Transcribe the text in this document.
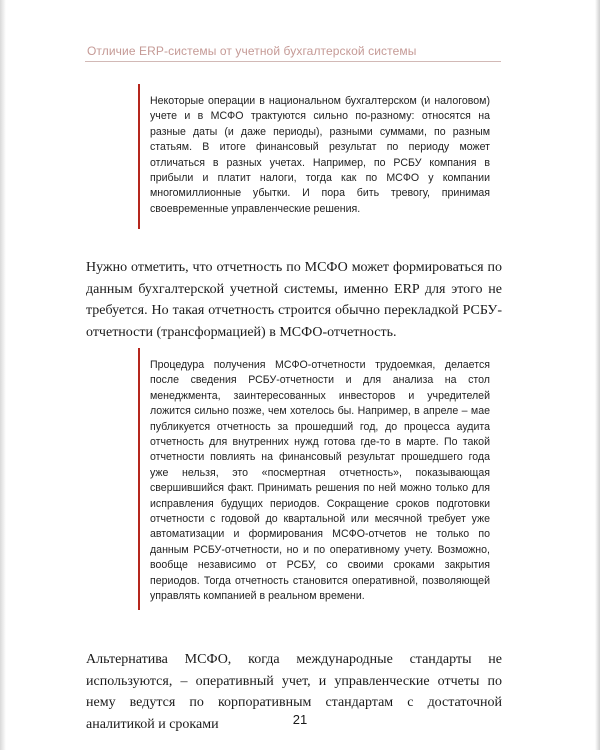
Отличие ERP-системы от учетной бухгалтерской системы

Некоторые операции в национальном бухгалтерском (и налоговом) учете и в МСФО трактуются сильно по-разному: относятся на разные даты (и даже периоды), разными суммами, по разным статьям. В итоге финансовый результат по периоду может отличаться в разных учетах. Например, по РСБУ компания в прибыли и платит налоги, тогда как по МСФО у компании многомиллионные убытки. И пора бить тревогу, принимая своевременные управленческие решения.

Нужно отметить, что отчетность по МСФО может формироваться по данным бухгалтерской учетной системы, именно ERP для этого не требуется. Но такая отчетность строится обычно перекладкой РСБУ-отчетности (трансформацией) в МСФО-отчетность.

Процедура получения МСФО-отчетности трудоемкая, делается после сведения РСБУ-отчетности и для анализа на стол менеджмента, заинтересованных инвесторов и учредителей ложится сильно позже, чем хотелось бы. Например, в апреле – мае публикуется отчетность за прошедший год, до процесса аудита отчетность для внутренних нужд готова где-то в марте. По такой отчетности повлиять на финансовый результат прошедшего года уже нельзя, это «посмертная отчетность», показывающая свершившийся факт. Принимать решения по ней можно только для исправления будущих периодов. Сокращение сроков подготовки отчетности с годовой до квартальной или месячной требует уже автоматизации и формирования МСФО-отчетов не только по данным РСБУ-отчетности, но и по оперативному учету. Возможно, вообще независимо от РСБУ, со своими сроками закрытия периодов. Тогда отчетность становится оперативной, позволяющей управлять компанией в реальном времени.

Альтернатива МСФО, когда международные стандарты не используются, – оперативный учет, и управленческие отчеты по нему ведутся по корпоративным стандартам с достаточной аналитикой и сроками	21
